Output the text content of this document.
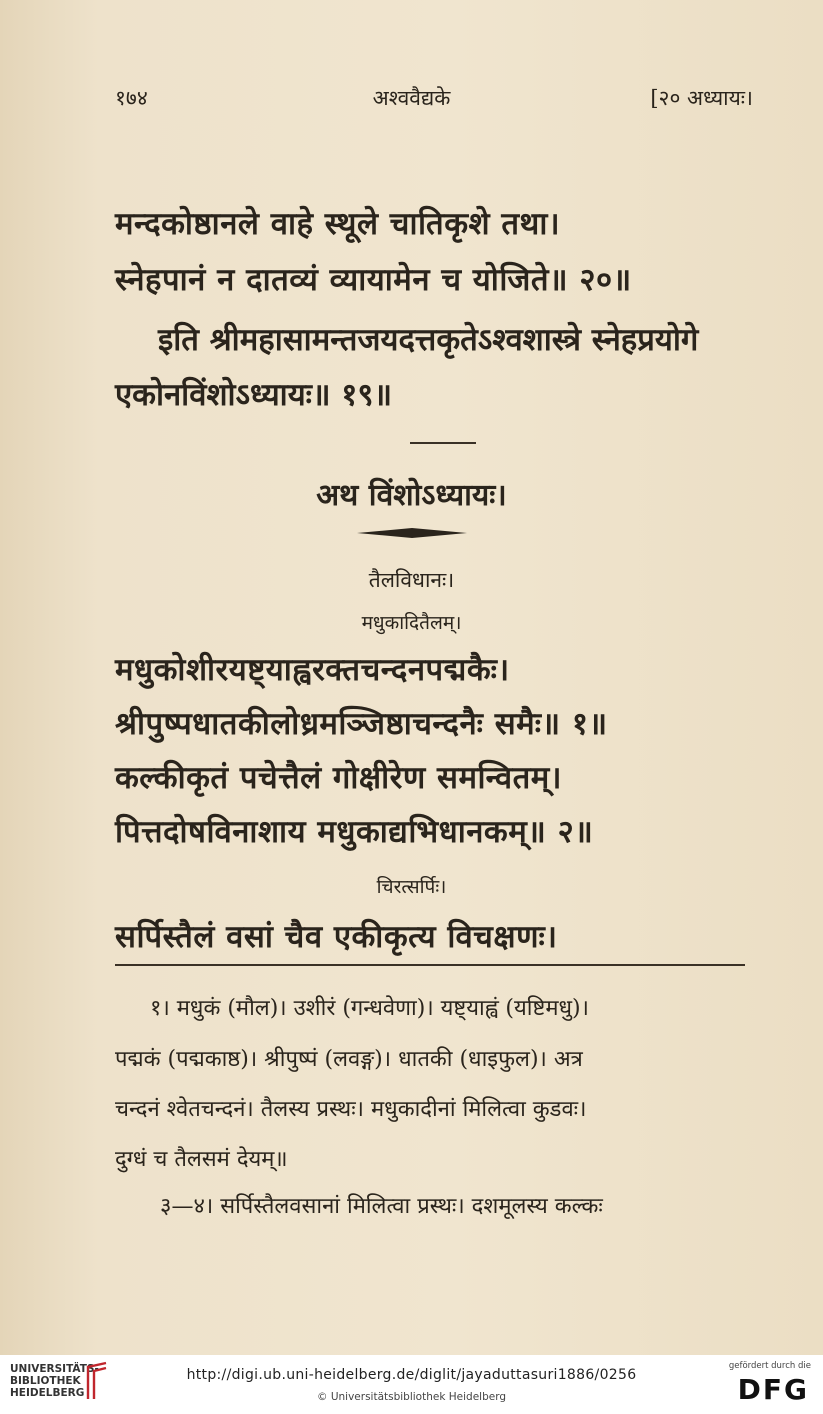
१७४	अश्ववैद्यके	[२० अध्यायः।
मन्दकोष्ठानले वाहे स्थूले चातिकृशे तथा।
स्नेहपानं न दातव्यं व्यायामेन च योजिते॥ २०॥
इति श्रीमहासामन्तजयदत्तकृतेऽश्वशास्त्रे स्नेहप्रयोगे
एकोनविंशोऽध्यायः॥ १९॥
अथ विंशोऽध्यायः।
तैलविधानः।
मधुकादितैलम्।
मधुकोशीरयष्ट्याह्वरक्तचन्दनपद्मकैः।
श्रीपुष्पधातकीलोध्रमञ्जिष्ठाचन्दनैः समैः॥ १॥
कल्कीकृतं पचेत्तैलं गोक्षीरेण समन्वितम्।
पित्तदोषविनाशाय मधुकाद्यभिधानकम्॥ २॥
चिरत्सर्पिः।
सर्पिस्तैलं वसां चैव एकीकृत्य विचक्षणः।
१। मधुकं (मौल)। उशीरं (गन्धवेणा)। यष्ट्याह्वं (यष्टिमधु)।
पद्मकं (पद्मकाष्ठ)। श्रीपुष्पं (लवङ्ग)। धातकी (धाइफुल)। अत्र
चन्दनं श्वेतचन्दनं। तैलस्य प्रस्थः। मधुकादीनां मिलित्वा कुडवः।
दुग्धं च तैलसमं देयम्॥
३—४। सर्पिस्तैलवसानां मिलित्वा प्रस्थः। दशमूलस्य कल्कः
UNIVERSITÄTS-
BIBLIOTHEK
HEIDELBERG
http://digi.ub.uni-heidelberg.de/diglit/jayaduttasuri1886/0256
© Universitätsbibliothek Heidelberg
gefördert durch die
DFG
